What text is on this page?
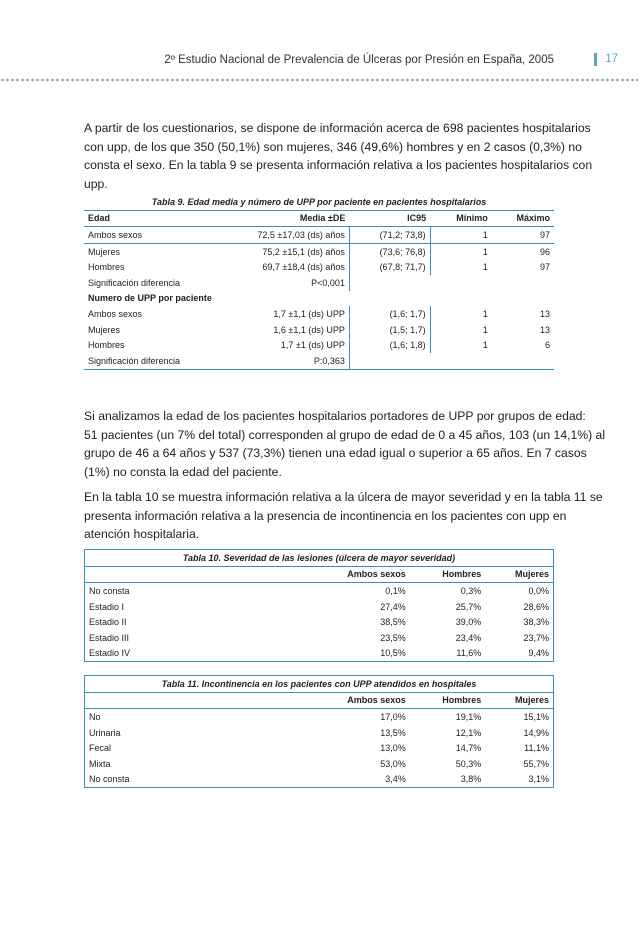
2º Estudio Nacional de Prevalencia de Úlceras por Presión en España, 2005	17

A partir de los cuestionarios, se dispone de información acerca de 698 pacientes hospitalarios
con upp, de los que 350 (50,1%) son mujeres, 346 (49,6%) hombres y en 2 casos (0,3%) no
consta el sexo. En la tabla 9 se presenta información relativa a los pacientes hospitalarios con
upp.

Tabla 9. Edad media y número de UPP por paciente en pacientes hospitalarios				
Edad	Media ±DE	IC95	Mínimo	Máximo
Ambos sexos	72,5 ±17,03 (ds) años	(71,2; 73,8)	1	97
Mujeres	75,2 ±15,1 (ds) años	(73,6; 76,8)	1	96
Hombres	69,7 ±18,4 (ds) años	(67,8; 71,7)	1	97
Significación diferencia	P<0,001			
Numero de UPP por paciente				
Ambos sexos	1,7 ±1,1 (ds) UPP	(1,6; 1,7)	1	13
Mujeres	1,6 ±1,1 (ds) UPP	(1,5; 1,7)	1	13
Hombres	1,7 ±1 (ds) UPP	(1,6; 1,8)	1	6
Significación diferencia	P:0,363			

Si analizamos la edad de los pacientes hospitalarios portadores de UPP por grupos de edad:
51 pacientes (un 7% del total) corresponden al grupo de edad de 0 a 45 años, 103 (un 14,1%) al
grupo de 46 a 64 años y 537 (73,3%) tienen una edad igual o superior a 65 años. En 7 casos
(1%) no consta la edad del paciente.

En la tabla 10 se muestra información relativa a la úlcera de mayor severidad y en la tabla 11 se
presenta información relativa a la presencia de incontinencia en los pacientes con upp en
atención hospitalaria.

Tabla 10. Severidad de las lesiones (úlcera de mayor severidad)			
	Ambos sexos	Hombres	Mujeres
No consta	0,1%	0,3%	0,0%
Estadio I	27,4%	25,7%	28,6%
Estadio II	38,5%	39,0%	38,3%
Estadio III	23,5%	23,4%	23,7%
Estadio IV	10,5%	11,6%	9,4%
Tabla 11. Incontinencia en los pacientes con UPP atendidos en hospitales			
	Ambos sexos	Hombres	Mujeres
No	17,0%	19,1%	15,1%
Urinaria	13,5%	12,1%	14,9%
Fecal	13,0%	14,7%	11,1%
Mixta	53,0%	50,3%	55,7%
No consta	3,4%	3,8%	3,1%
